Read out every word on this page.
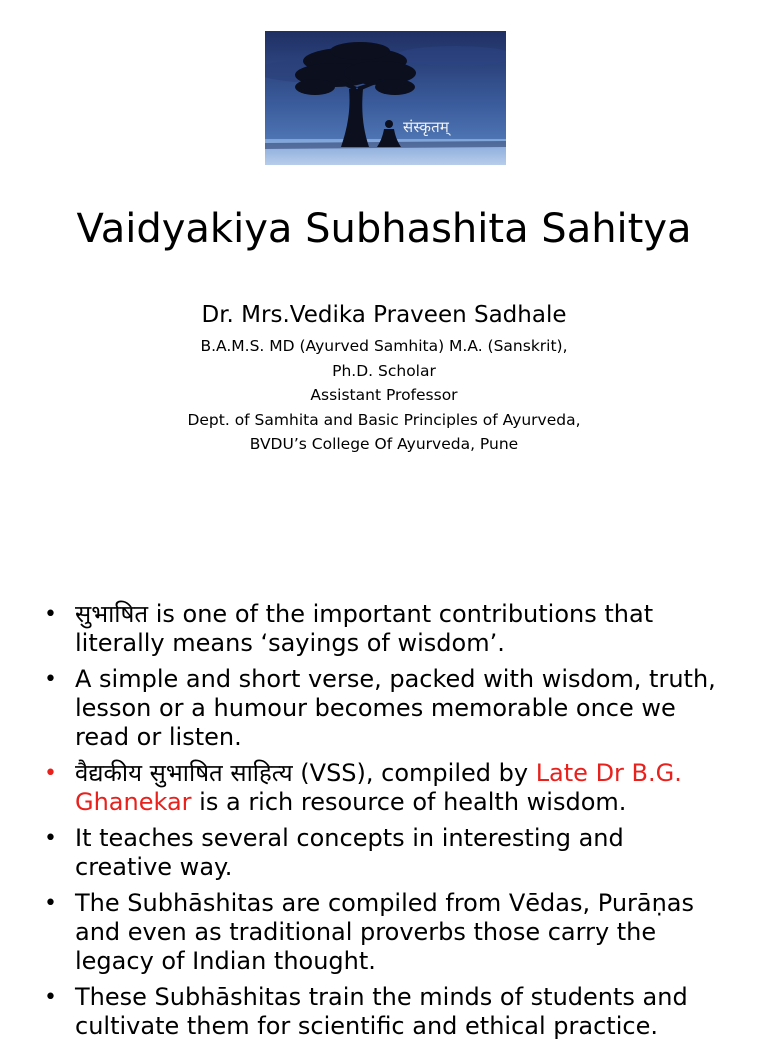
संस्कृतम्
Vaidyakiya Subhashita Sahitya
Dr. Mrs.Vedika Praveen Sadhale
B.A.M.S. MD (Ayurved Samhita) M.A. (Sanskrit),
Ph.D. Scholar
Assistant Professor
Dept. of Samhita and Basic Principles of Ayurveda,
BVDU’s College Of Ayurveda, Pune
• सुभाषित is one of the important contributions that literally means ‘sayings of wisdom’.
• A simple and short verse, packed with wisdom, truth, lesson or a humour becomes memorable once we read or listen.
• वैद्यकीय सुभाषित साहित्य (VSS), compiled by Late Dr B.G. Ghanekar is a rich resource of health wisdom.
• It teaches several concepts in interesting and creative way.
• The Subhāshitas are compiled from Vēdas, Purāṇas and even as traditional proverbs those carry the legacy of Indian thought.
• These Subhāshitas train the minds of students and cultivate them for scientific and ethical practice.
